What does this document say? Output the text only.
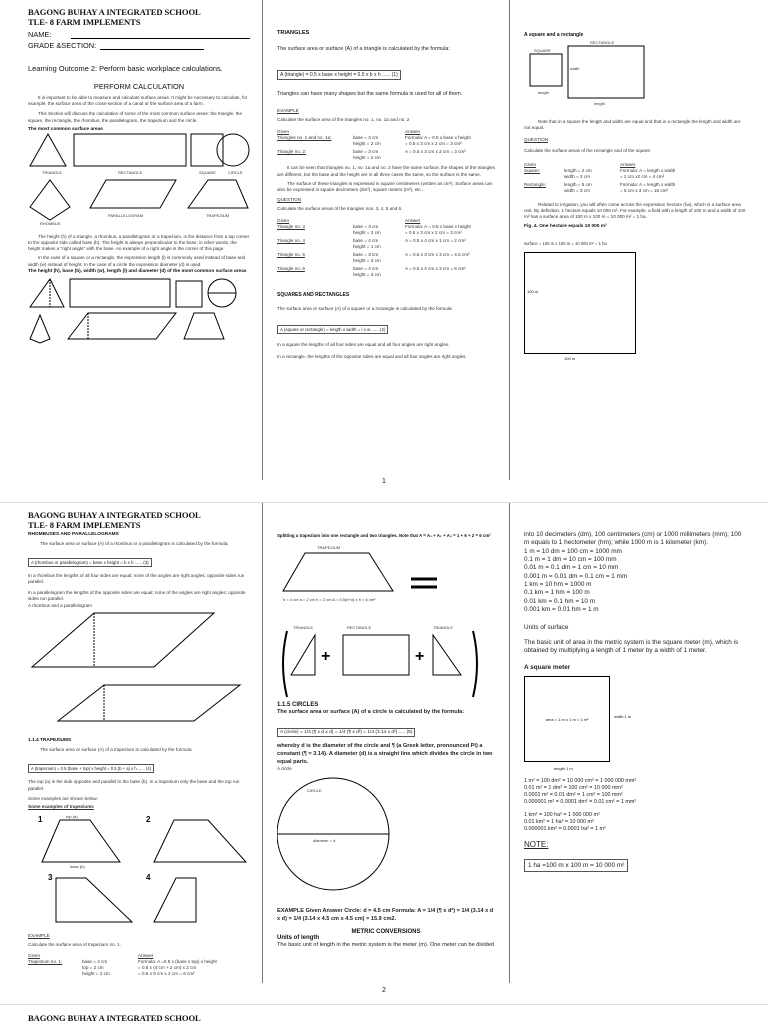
BAGONG BUHAY A INTEGRATED SCHOOL
TLE- 8 FARM IMPLEMENTS
NAME:
GRADE &SECTION:
Learning Outcome 2: Perform basic workplace calculations.
PERFORM CALCULATION

It is important to be able to measure and calculate surface areas. It might be necessary to calculate, for example, the surface area of the cross-section of a canal or the surface area of a farm.

This Section will discuss the calculation of some of the most common surface areas: the triangle, the square, the rectangle, the rhombus, the parallelogram, the trapezium and the circle.

The most common surface areas

TRIANGLE	RECTANGLE	SQUARE	CIRCLE
RHOMBUS
PARALLELOGRAM	TRAPEZIUM

The height (h) of a triangle, a rhombus, a parallelogram or a trapezium, is the distance from a top corner to the opposite side called base (b). The height is always perpendicular to the base; in other words, the height makes a "right angle" with the base. An example of a right angle is the corner of this page.

In the case of a square or a rectangle, the expression length (l) is commonly used instead of base and width (w) instead of height. In the case of a circle the expression diameter (d) is used.

The height (h), base (b), width (w), length (l) and diameter (d) of the most common surface areas

TRIANGLES

The surface area or surface (A) of a triangle is calculated by the formula:

A (triangle) = 0.5 x base x height = 0.5 x b x h ...... (1)

Triangles can have many shapes but the same formula is used for all of them.

EXAMPLE

Calculate the surface area of the triangles no. 1, no. 1a and no. 2

Given	Answer
Triangles no. 1 and no. 1a:	base = 3 cm
height = 2 cm
Formula: A = 0.5 x base x height
= 0.5 x 3 cm x 2 cm = 3 cm²
Triangle no. 2:	base = 3 cm
height = 2 cm
A = 0.5 x 3 cm x 2 cm = 3 cm²

It can be seen that triangles no. 1, no. 1a and no. 2 have the same surface; the shapes of the triangles are different, but the base and the height are in all three cases the same, so the surface is the same.

The surface of these triangles is expressed in square centimeters (written as cm²). Surface areas can also be expressed in square decimeters (dm²), square meters (m²), etc...

QUESTION

Calculate the surface areas of the triangles nos. 3, 4, 5 and 6.

Given	Answer
Triangle no. 3	base = 3 cm
height = 2 cm
Formula: A = 0.5 x base x height
= 0.5 x 3 cm x 2 cm = 3 cm²
Triangle no. 4	base = 4 cm
height = 1 cm
A = 0.5 x 4 cm x 1 cm = 2 cm²
Triangle no. 5	base = 3 cm
height = 3 cm
A = 0.5 x 3 cm x 3 cm = 4.5 cm²
Triangle no. 6	base = 4 cm
height = 3 cm
A = 0.5 x 4 cm x 3 cm = 6 cm²

SQUARES AND RECTANGLES

The surface area or surface (A) of a square or a rectangle is calculated by the formula:

A (square or rectangle) = length x width = l x w ...... (2)

In a square the lengths of all four sides are equal and all four angles are right angles.

In a rectangle, the lengths of the opposite sides are equal and all four angles are right angles.

A square and a rectangle

SQUARE
RECTANGLE
width
length
length

Note that in a square the length and width are equal and that in a rectangle the length and width are not equal.

QUESTION

Calculate the surface areas of the rectangle and of the square.

Given	Answer
Square:	length = 2 cm
width = 2 cm
Formula: A = length x width
= 2 cm x2 cm = 4 cm²
Rectangle:	length = 5 cm
width = 3 cm
Formula: A = length x width
= 5 cm x 3 cm = 15 cm²

Related to irrigation, you will often come across the expression hectare (ha), which is a surface area unit. By definition, 1 hectare equals 10 000 m². For example, a field with a length of 100 m and a width of 100 m² has a surface area of 100 m x 100 m = 10 000 m² = 1 ha.

Fig. 4. One hectare equals 10 000 m²

surface = 100 m x 100 m = 10 000 m² = 1 ha
100 m
100 m
1
BAGONG BUHAY A INTEGRATED SCHOOL
TLE- 8 FARM IMPLEMENTS

RHOMBUSES AND PARALLELOGRAMS

The surface area or surface (A) of a rhombus or a parallelogram is calculated by the formula:

A (rhombus or parallelogram) = base x height = b x h ...... (3)

In a rhombus the lengths of all four sides are equal; none of the angles are right angles; opposite sides run parallel.

In a parallelogram the lengths of the opposite sides are equal; none of the angles are right angles; opposite sides run parallel.

A rhombus and a parallelogram

1.1.4 TRAPEZIUMS

The surface area or surface (A) of a trapezium is calculated by the formula:

A (trapezium) = 0.5 (base + top) x height = 0.5 (b + a) x h ...... (4)

The top (a) is the side opposite and parallel to the base (b). In a trapezium only the base and the top run parallel.

Some examples are shown below:

Some examples of trapeziums

1	top (a)
base (b)
2
3	4

EXAMPLE

Calculate the surface area of trapezium no. 1.

Given	Answer
Trapezium no. 1:	base = 4 cm
top = 2 cm
height = 2 cm
Formula: A =0.5 x (base x top) x height
= 0.5 x (4 cm + 2 cm) x 2 cm
= 0.5 x 6 cm x 2 cm = 6 cm²

Splitting a trapezium into one rectangle and two triangles. Note that A = A₁ + A₂ + A₃ = 1 + 6 + 2 = 6 cm²

TRAPEZIUM
b = 4 cm a = 2 cm h = 2 cm A = 0.5(b+a) x h = 6 cm²
TRIANGLE
+
RECTANGLE
+
TRIANGLE

1.1.5 CIRCLES

The surface area or surface (A) of a circle is calculated by the formula:

A (circle) = 1/4 (¶ x d x d) = 1/4 (¶ x d²) = 1/4 (3.14 x d²) ..... (5)

whereby d is the diameter of the circle and ¶ (a Greek letter, pronounced Pi) a constant (¶ = 3.14). A diameter (d) is a straight line which divides the circle in two equal parts.

A circle

CIRCLE
diameter = d

EXAMPLE Given Answer Circle: d = 4.5 cm Formula: A = 1/4 (¶ x d²) = 1/4 (3.14 x d x d) = 1/4 (3.14 x 4.5 cm x 4.5 cm) = 15.9 cm2.

METRIC CONVERSIONS

Units of length

The basic unit of length in the metric system is the meter (m). One meter can be divided

into 10 decimeters (dm), 100 centimeters (cm) or 1000 millimeters (mm); 100 m equals to 1 hectometer (hm); while 1000 m is 1 kilometer (km).

1 m = 10 dm = 100 cm = 1000 mm
0.1 m = 1 dm = 10 cm = 100 mm
0.01 m = 0.1 dm = 1 cm = 10 mm
0.001 m = 0.01 dm = 0.1 cm = 1 mm
1 km = 10 hm = 1000 m
0.1 km = 1 hm = 100 m
0.01 km = 0.1 hm = 10 m
0.001 km = 0.01 hm = 1 m

Units of surface

The basic unit of area in the metric system is the square meter (m), which is obtained by multiplying a length of 1 meter by a width of 1 meter.

A square meter

area = 1 m x 1 m = 1 m²	width 1 m
length 1 m
1 m² = 100 dm² = 10 000 cm² = 1 000 000 mm²
0.01 m² = 1 dm² = 100 cm² = 10 000 mm²
0.0001 m² = 0.01 dm² = 1 cm² = 100 mm²
0.000001 m² = 0.0001 dm² = 0.01 cm² = 1 mm²
1 km² = 100 ha² = 1 000 000 m²
0.01 km² = 1 ha² = 10 000 m²
0.000001 km² = 0.0001 ha² = 1 m²

NOTE:

1 ha =100 m x 100 m = 10 000 m²
2
BAGONG BUHAY A INTEGRATED SCHOOL
